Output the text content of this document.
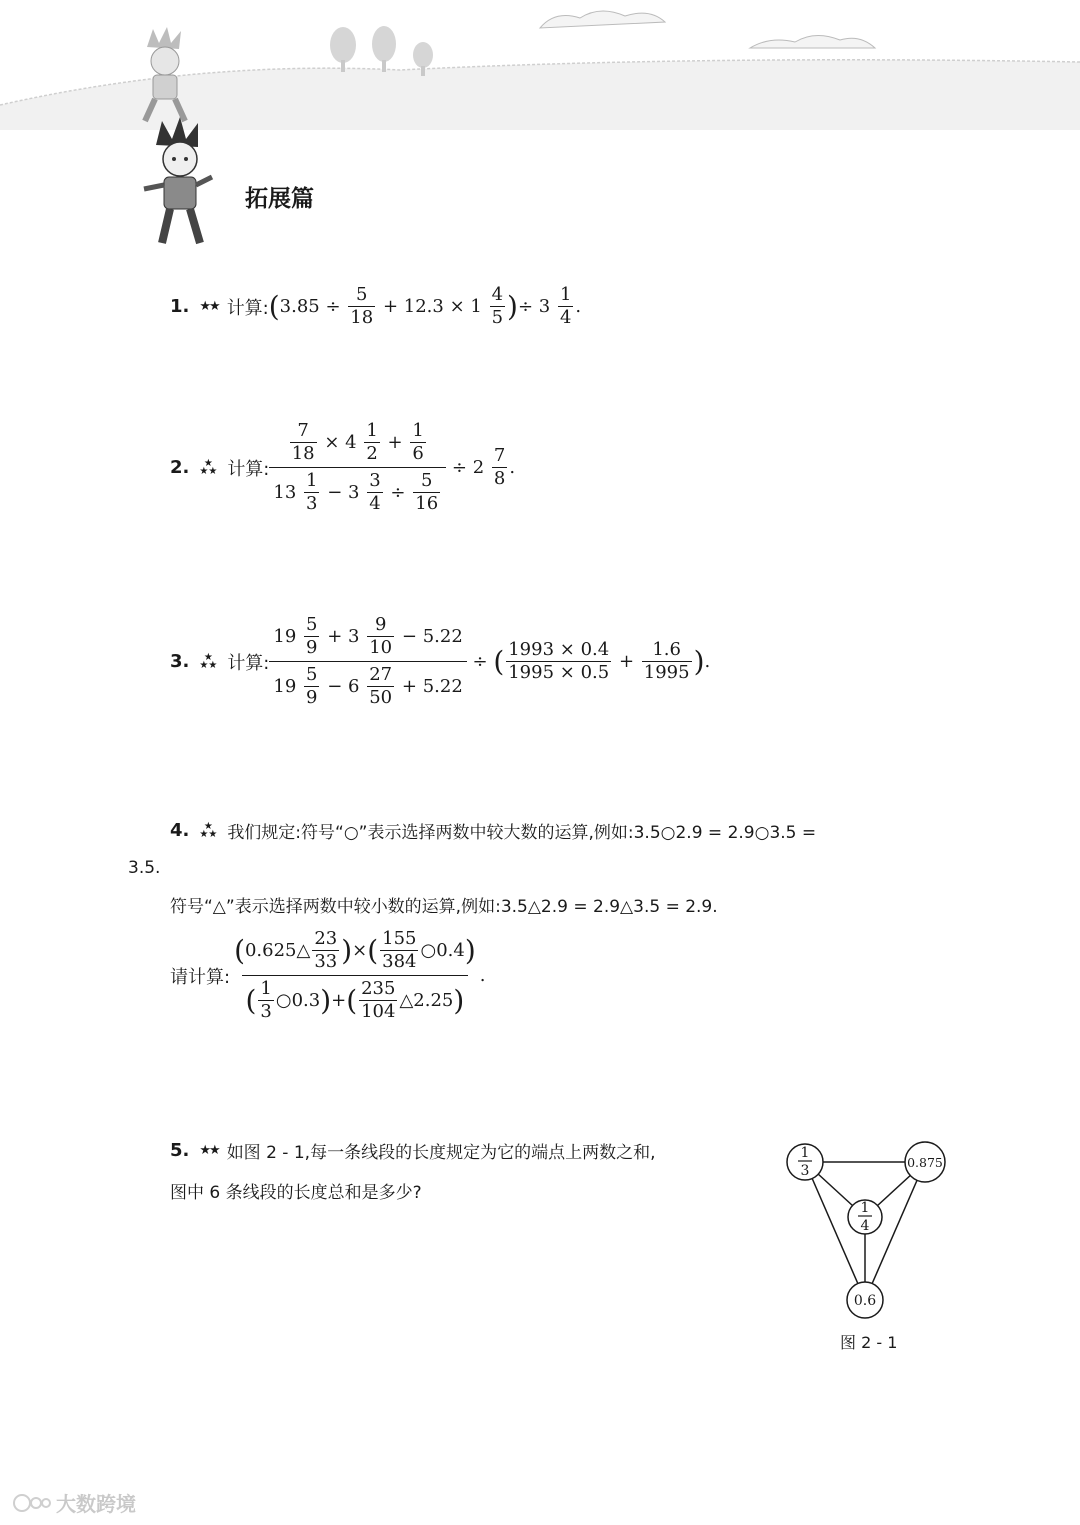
拓展篇
1. ★★ 计算: ( 3.85
÷
$\frac{5}{18}$
+
12.3
×
1
$\frac{4}{5}$ ) ÷
3
$\frac{1}{4}$ .
2. ★
★★ 计算: $\frac{7}{18}$
×
4
$\frac{1}{2}$
+
$\frac{1}{6}$
13
$\frac{1}{3}$
−
3
$\frac{3}{4}$
÷
$\frac{5}{16}$
÷
2
$\frac{7}{8}$ .
3. ★
★★ 计算: 19
$\frac{5}{9}$
+
3
$\frac{9}{10}$
−
5.22
19
$\frac{5}{9}$
−
6
$\frac{27}{50}$
+
5.22
÷
( $\frac{1993 \times 0.4}{1995 \times 0.5}$
+
$\frac{1.6}{1995}$ ) .
4. ★
★★ 我们规定:符号“○”表示选择两数中较大数的运算,例如:3.5○2.9 = 2.9○3.5 =
3.5.
符号“△”表示选择两数中较小数的运算,例如:3.5△2.9 = 2.9△3.5 = 2.9.
请计算:
( 0.625△ $\frac{23}{33}$ ) × ( $\frac{155}{384}$ ○0.4 )
( $\frac{1}{3}$ ○0.3 ) + ( $\frac{235}{104}$ △2.25 )
.
5. ★★ 如图 2 - 1,每一条线段的长度规定为它的端点上两数之和,
图中 6 条线段的长度总和是多少?
1
3
0.875
1
4
0.6
图 2 - 1
大数跨境
